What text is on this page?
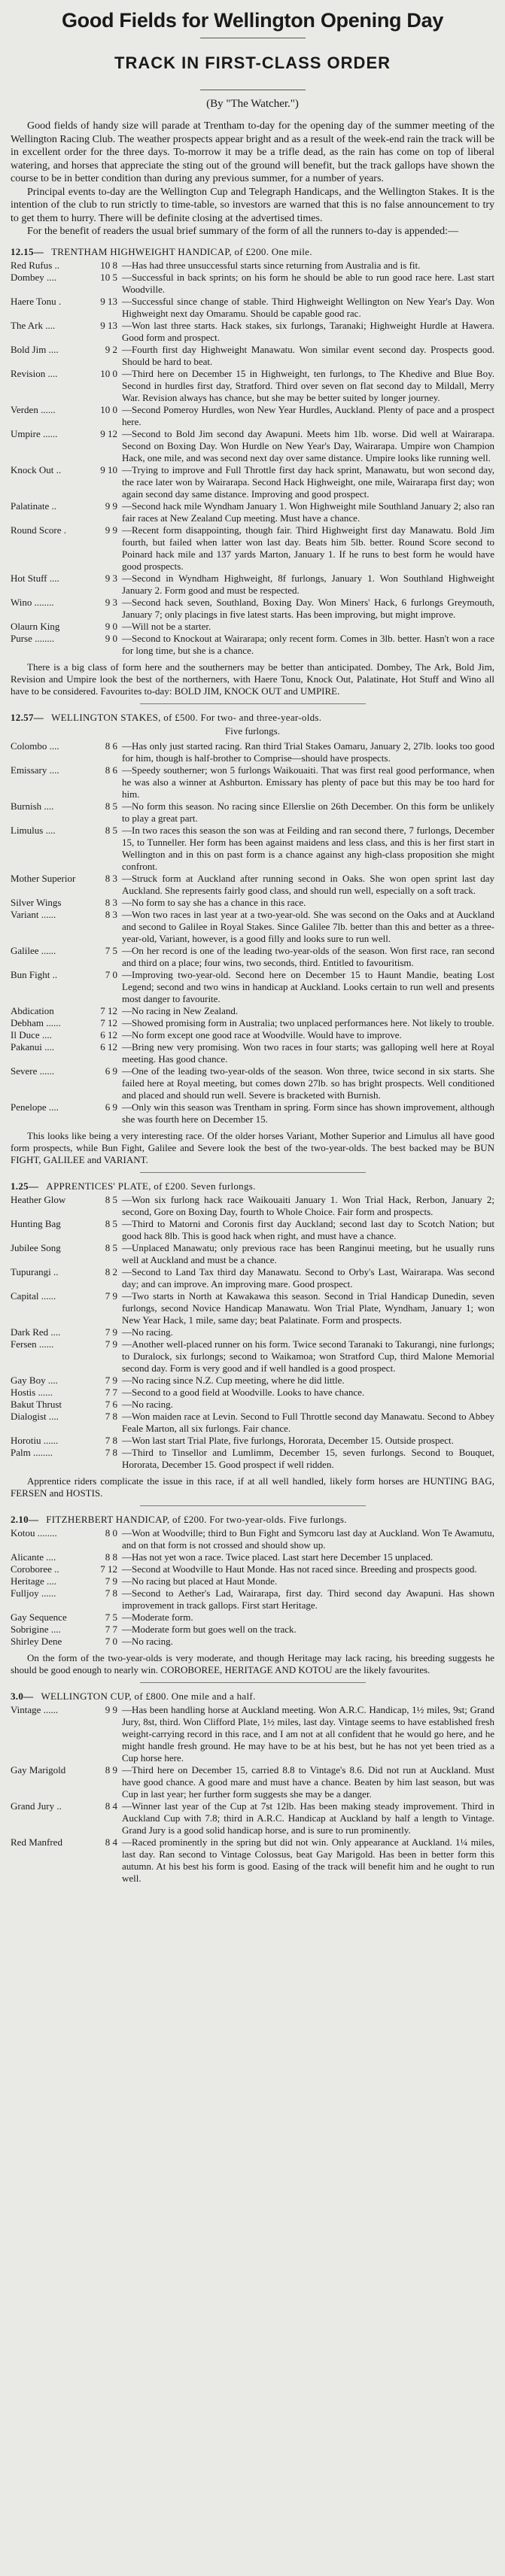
Good Fields for Wellington Opening Day
TRACK IN FIRST-CLASS ORDER
(By "The Watcher.")

Good fields of handy size will parade at Trentham to-day for the opening day of the summer meeting of the Wellington Racing Club. The weather prospects appear bright and as a result of the week-end rain the track will be in excellent order for the three days. To-morrow it may be a trifle dead, as the rain has come on top of liberal watering, and horses that appreciate the sting out of the ground will benefit, but the track gallops have shown the course to be in better condition than during any previous summer, for a number of years.

Principal events to-day are the Wellington Cup and Telegraph Handicaps, and the Wellington Stakes. It is the intention of the club to run strictly to time-table, so investors are warned that this is no false announcement to try to get them to hurry. There will be definite closing at the advertised times.

For the benefit of readers the usual brief summary of the form of all the runners to-day is appended:—

12.15— TRENTHAM HIGHWEIGHT HANDICAP, of £200. One mile.
Red Rufus ..	10 8 —Has had three unsuccessful starts since returning from Australia and is fit.
Dombey ....	10 5 —Successful in back sprints; on his form he should be able to run good race here. Last start Woodville.
Haere Tonu .	9 13 —Successful since change of stable. Third Highweight Wellington on New Year's Day. Won Highweight next day Omaramu. Should be capable good rac.
The Ark ....	9 13 —Won last three starts. Hack stakes, six furlongs, Taranaki; Highweight Hurdle at Hawera. Good form and prospect.
Bold Jim ....	9 2 —Fourth first day Highweight Manawatu. Won similar event second day. Prospects good. Should be hard to beat.
Revision ....	10 0 —Third here on December 15 in Highweight, ten furlongs, to The Khedive and Blue Boy. Second in hurdles first day, Stratford. Third over seven on flat second day to Mildall, Merry War. Revision always has chance, but she may be better suited by longer journey.
Verden ......	10 0 —Second Pomeroy Hurdles, won New Year Hurdles, Auckland. Plenty of pace and a prospect here.
Umpire ......	9 12 —Second to Bold Jim second day Awapuni. Meets him 1lb. worse. Did well at Wairarapa. Second on Boxing Day. Won Hurdle on New Year's Day, Wairarapa. Umpire won Champion Hack, one mile, and was second next day over same distance. Umpire looks like running well.
Knock Out ..	9 10 —Trying to improve and Full Throttle first day hack sprint, Manawatu, but won second day, the race later won by Wairarapa. Second Hack Highweight, one mile, Wairarapa first day; won again second day same distance. Improving and good prospect.
Palatinate ..	9 9 —Second hack mile Wyndham January 1. Won Highweight mile Southland January 2; also ran fair races at New Zealand Cup meeting. Must have a chance.
Round Score .	9 9 —Recent form disappointing, though fair. Third Highweight first day Manawatu. Bold Jim fourth, but failed when latter won last day. Beats him 5lb. better. Round Score second to Poinard hack mile and 137 yards Marton, January 1. If he runs to best form he would have good prospects.
Hot Stuff ....	9 3 —Second in Wyndham Highweight, 8f furlongs, January 1. Won Southland Highweight January 2. Form good and must be respected.
Wino ........	9 3 —Second hack seven, Southland, Boxing Day. Won Miners' Hack, 6 furlongs Greymouth, January 7; only placings in five latest starts. Has been improving, but might improve.
Olaurn King	9 0 —Will not be a starter.
Purse ........	9 0 —Second to Knockout at Wairarapa; only recent form. Comes in 3lb. better. Hasn't won a race for long time, but she is a chance.
There is a big class of form here and the southerners may be better than anticipated. Dombey, The Ark, Bold Jim, Revision and Umpire look the best of the northerners, with Haere Tonu, Knock Out, Palatinate, Hot Stuff and Wino all have to be considered. Favourites to-day: BOLD JIM, KNOCK OUT and UMPIRE.
12.57— WELLINGTON STAKES, of £500. For two- and three-year-olds.
Five furlongs.
Colombo ....	8 6 —Has only just started racing. Ran third Trial Stakes Oamaru, January 2, 27lb. looks too good for him, though is half-brother to Comprise—should have prospects.
Emissary ....	8 6 —Speedy southerner; won 5 furlongs Waikouaiti. That was first real good performance, when he was also a winner at Ashburton. Emissary has plenty of pace but this may be too hard for him.
Burnish ....	8 5 —No form this season. No racing since Ellerslie on 26th December. On this form be unlikely to play a great part.
Limulus ....	8 5 —In two races this season the son was at Feilding and ran second there, 7 furlongs, December 15, to Tunneller. Her form has been against maidens and less class, and this is her first start in Wellington and in this on past form is a chance against any high-class proposition she might confront.
Mother Superior	8 3 —Struck form at Auckland after running second in Oaks. She won open sprint last day Auckland. She represents fairly good class, and should run well, especially on a soft track.
Silver Wings	8 3 —No form to say she has a chance in this race.
Variant ......	8 3 —Won two races in last year at a two-year-old. She was second on the Oaks and at Auckland and second to Galilee in Royal Stakes. Since Galilee 7lb. better than this and better as a three-year-old, Variant, however, is a good filly and looks sure to run well.
Galilee ......	7 5 —On her record is one of the leading two-year-olds of the season. Won first race, ran second and third on a place; four wins, two seconds, third. Entitled to favouritism.
Bun Fight ..	7 0 —Improving two-year-old. Second here on December 15 to Haunt Mandie, beating Lost Legend; second and two wins in handicap at Auckland. Looks certain to run well and presents most danger to favourite.
Abdication	7 12 —No racing in New Zealand.
Debham ......	7 12 —Showed promising form in Australia; two unplaced performances here. Not likely to trouble.
Il Duce ....	6 12 —No form except one good race at Woodville. Would have to improve.
Pakanui ....	6 12 —Bring new very promising. Won two races in four starts; was galloping well here at Royal meeting. Has good chance.
Severe ......	6 9 —One of the leading two-year-olds of the season. Won three, twice second in six starts. She failed here at Royal meeting, but comes down 27lb. so has bright prospects. Well conditioned and placed and should run well. Severe is bracketed with Burnish.
Penelope ....	6 9 —Only win this season was Trentham in spring. Form since has shown improvement, although she was fourth here on December 15.
This looks like being a very interesting race. Of the older horses Variant, Mother Superior and Limulus all have good form prospects, while Bun Fight, Galilee and Severe look the best of the two-year-olds. The best backed may be BUN FIGHT, GALILEE and VARIANT.
1.25— APPRENTICES' PLATE, of £200. Seven furlongs.
Heather Glow	8 5 —Won six furlong hack race Waikouaiti January 1. Won Trial Hack, Rerbon, January 2; second, Gore on Boxing Day, fourth to Whole Choice. Fair form and prospects.
Hunting Bag	8 5 —Third to Matorni and Coronis first day Auckland; second last day to Scotch Nation; but good hack 8lb. This is good hack when right, and must have a chance.
Jubilee Song	8 5 —Unplaced Manawatu; only previous race has been Ranginui meeting, but he usually runs well at Auckland and must be a chance.
Tupurangi ..	8 2 —Second to Land Tax third day Manawatu. Second to Orby's Last, Wairarapa. Was second day; and can improve. An improving mare. Good prospect.
Capital ......	7 9 —Two starts in North at Kawakawa this season. Second in Trial Handicap Dunedin, seven furlongs, second Novice Handicap Manawatu. Won Trial Plate, Wyndham, January 1; won New Year Hack, 1 mile, same day; beat Palatinate. Form and prospects.
Dark Red ....	7 9 —No racing.
Fersen ......	7 9 —Another well-placed runner on his form. Twice second Taranaki to Takurangi, nine furlongs; to Duralock, six furlongs; second to Waikamoa; won Stratford Cup, third Malone Memorial second day. Form is very good and if well handled is a good prospect.
Gay Boy ....	7 9 —No racing since N.Z. Cup meeting, where he did little.
Hostis ......	7 7 —Second to a good field at Woodville. Looks to have chance.
Bakut Thrust	7 6 —No racing.
Dialogist ....	7 8 —Won maiden race at Levin. Second to Full Throttle second day Manawatu. Second to Abbey Feale Marton, all six furlongs. Fair chance.
Horotiu ......	7 8 —Won last start Trial Plate, five furlongs, Hororata, December 15. Outside prospect.
Palm ........	7 8 —Third to Tinsellor and Lumlimm, December 15, seven furlongs. Second to Bouquet, Hororata, December 15. Good prospect if well ridden.
Apprentice riders complicate the issue in this race, if at all well handled, likely form horses are HUNTING BAG, FERSEN and HOSTIS.
2.10— FITZHERBERT HANDICAP, of £200. For two-year-olds. Five furlongs.
Kotou ........	8 0 —Won at Woodville; third to Bun Fight and Symcoru last day at Auckland. Won Te Awamutu, and on that form is not crossed and should show up.
Alicante ....	8 8 —Has not yet won a race. Twice placed. Last start here December 15 unplaced.
Coroboree ..	7 12 —Second at Woodville to Haut Monde. Has not raced since. Breeding and prospects good.
Heritage ....	7 9 —No racing but placed at Haut Monde.
Fulljoy ......	7 8 —Second to Aether's Lad, Wairarapa, first day. Third second day Awapuni. Has shown improvement in track gallops. First start Heritage.
Gay Sequence	7 5 —Moderate form.
Sobrigine ....	7 7 —Moderate form but goes well on the track.
Shirley Dene	7 0 —No racing.
On the form of the two-year-olds is very moderate, and though Heritage may lack racing, his breeding suggests he should be good enough to nearly win. COROBOREE, HERITAGE AND KOTOU are the likely favourites.
3.0— WELLINGTON CUP, of £800. One mile and a half.
Vintage ......	9 9 —Has been handling horse at Auckland meeting. Won A.R.C. Handicap, 1½ miles, 9st; Grand Jury, 8st, third. Won Clifford Plate, 1½ miles, last day. Vintage seems to have established fresh weight-carrying record in this race, and I am not at all confident that he would go here, and he might handle fresh ground. He may have to be at his best, but he has not yet been tried as a Cup horse here.
Gay Marigold	8 9 —Third here on December 15, carried 8.8 to Vintage's 8.6. Did not run at Auckland. Must have good chance. A good mare and must have a chance. Beaten by him last season, but was Cup in last year; her further form suggests she may be a danger.
Grand Jury ..	8 4 —Winner last year of the Cup at 7st 12lb. Has been making steady improvement. Third in Auckland Cup with 7.8; third in A.R.C. Handicap at Auckland by half a length to Vintage. Grand Jury is a good solid handicap horse, and is sure to run prominently.
Red Manfred	8 4 —Raced prominently in the spring but did not win. Only appearance at Auckland. 1¼ miles, last day. Ran second to Vintage Colossus, beat Gay Marigold. Has been in better form this autumn. At his best his form is good. Easing of the track will benefit him and he ought to run well.
